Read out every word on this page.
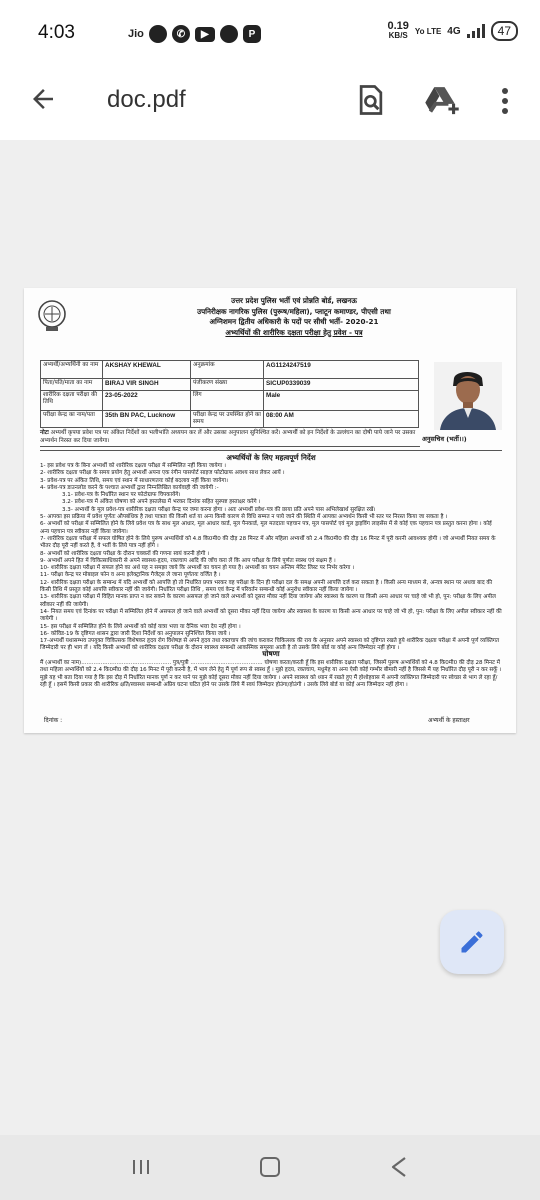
4:03	Jio	✆	▶	P
0.19
KB/S Yo LTE 4G	47
doc.pdf
उत्तर प्रदेश पुलिस भर्ती एवं प्रोन्नति बोर्ड, लखनऊ
उपनिरीक्षक नागरिक पुलिस (पुरूष/महिला), प्लाटून कमाण्डर, पीएसी तथा
अग्निशमन द्वितीय अधिकारी के पदों पर सीधी भर्ती- 2020-21
अभ्यर्थियों की शारीरिक दक्षता परीक्षा हेतु प्रवेश - पत्र
अभ्यर्थी/अभ्यर्थिनी का नाम	AKSHAY KHEWAL	अनुक्रमांक	AG1124247519
पिता/पति/माता का नाम	BIRAJ VIR SINGH	पंजीकरण संख्या	SICUP0339039
शारीरिक दक्षता परीक्षा की तिथि	23-05-2022	लिंग	Male
परीक्षा केन्द्र का नाम/पता	35th BN PAC, Lucknow	परीक्षा केन्द्र पर उपस्थित होने का समय	08:00 AM
अनुसचिव (भर्ती।।)
नोटः अभ्यर्थी कृपया प्रवेश पत्र पर अंकित निर्देशों का भलीभांति अध्ययन कर लें और उसका अनुपालन सुनिश्चित करें। अभ्यर्थी को इन निर्देशों के उल्लंघन का दोषी पाये जाने पर उसका अभ्यर्थन निरस्त कर दिया जायेगा।
अभ्यर्थियों के लिए महत्वपूर्ण निर्देश

1- इस प्रवेश पत्र के बिना अभ्यर्थी को शारीरिक दक्षता परीक्षा में सम्मिलित नहीं किया जायेगा ।

2- शारीरिक दक्षता परीक्षा के समय प्रयोग हेतु अभ्यर्थी अपना एक रंगीन पासपोर्ट साइज फोटोग्राफ अवश्य साथ लेकर आयें ।

3- प्रवेश-पत्र पर अंकित तिथि, समय एवं स्थान में साधारणतयः कोई बदलाव नहीं किया जायेगा।

4- प्रवेश-पत्र डाउनलोड करने के पश्चात अभ्यर्थी द्वारा निम्नलिखित कार्यवाही की जायेगी :-

3.1- प्रवेश-पत्र के निर्धारित स्थान पर फोटोग्राफ चिपकायेंगे।

3.2- प्रवेश-पत्र में अंकित घोषणा को अपने हस्तलेख में भरकर दिनांक सहित सुस्पष्ट हस्ताक्षर करेंगे ।

3.3- अभ्यर्थी के मूल प्रवेश-पत्र शारीरिक दक्षता परीक्षा केन्द्र पर जमा करना होगा । अतः अभ्यर्थी प्रवेश-पत्र की छाया प्रति अपने पास अभिलेखार्थ सुरक्षित रखें।

5- आपका इस प्रक्रिया में प्रवेश पूर्णतः औपबंधिक है तथा पात्रता की किसी शर्त या अन्य किसी कारण से विधि सम्मत न पाये जाने की स्थिति में आपका अभ्यर्थन किसी भी स्तर पर निरस्त किया जा सकता है ।

6- अभ्यर्थी को परीक्षा में सम्मिलित होने के लिये प्रवेश पत्र के साथ मूल आधार, मूल आधार कार्ड, मूल पैनकार्ड, मूल मतदाता पहचान पत्र, मूल पासपोर्ट एवं मूल ड्राइविंग लाइसेंस में से कोई एक पहचान पत्र प्रस्तुत करना होगा । कोई अन्य पहचान पत्र स्वीकार नहीं किया जायेगा।

7- शारीरिक दक्षता परीक्षा में सफल घोषित होने के लिये पुरूष अभ्यर्थियों को 4.8 कि0मी0 की दौड़ 28 मिनट में और महिला अभ्यर्थी को 2.4 कि0मी0 की दौड़ 16 मिनट में पूरी करनी आवश्यक होगी । जो अभ्यर्थी नियत समय के भीतर दौड़ पूरी नहीं करते हैं, वे भर्ती के लिये पात्र नहीं होंगे ।

8- अभ्यर्थी को शारीरिक दक्षता परीक्षा के दौरान चक्करों की गणना स्वयं करनी होगी ।

9- अभ्यर्थी अपने हित में चिकित्साधिकारी से अपने स्वास्थ्य-हृदय, रक्तचाप आदि की जाँच करा लें कि आप परीक्षा के लिये पूर्णतः स्वस्थ एवं सक्षम हैं ।

10- शारीरिक दक्षता परीक्षा में सफल होने का अर्थ यह न समझा जाये कि अभ्यर्थी का चयन हो गया है। अभ्यर्थी का चयन अन्तिम मेरिट लिस्ट पर निर्भर करेगा ।

11- परीक्षा केन्द्र पर मोबाइल फोन व अन्य इलेक्ट्रानिक गैजेट्स ले जाना पूर्णतयः वर्जित है ।

12- शारीरिक दक्षता परीक्षा के सम्बन्ध में यदि अभ्यर्थी को आपत्ति हो तो निर्धारित प्रपत्र भरकर वह परीक्षा के दिन ही परीक्षा दल के समक्ष अपनी आपत्ति दर्ज करा सकता है । किसी अन्य माध्यम से, अन्यत्र स्थान पर अथवा बाद की किसी तिथि में प्रस्तुत कोई आपत्ति स्वीकार नहीं की जायेगी। निर्धारित परीक्षा तिथि , समय एवं केन्द्र में परिवर्तन सम्बन्धी कोई अनुरोध स्वीकार नहीं किया जायेगा ।

13- शारीरिक दक्षता परीक्षा में विहित मानक प्राप्त न कर सकने के कारण असफल हो जाने वाले अभ्यर्थी को दूसरा मौका नहीं दिया जायेगा और स्वास्थ्य के कारण या किसी अन्य आधार पर चाहे जो भी हो, पुन: परीक्षा के लिए अपील स्वीकार नहीं की जायेगी।

14- नियत समय एवं दिनांक पर परीक्षा में सम्मिलित होने में असफल हो जाने वाले अभ्यर्थी को दूसरा मौका नहीं दिया जायेगा और स्वास्थ्य के कारण या किसी अन्य आधार पर चाहे जो भी हो, पुन: परीक्षा के लिए अपील स्वीकार नहीं की जायेगी ।

15- इस परीक्षा में सम्मिलित होने के लिये अभ्यर्थी को कोई यात्रा भत्ता या दैनिक भत्ता देय नहीं होगा ।

16- कोविड-19 के दृष्टिगत शासन द्वारा जारी दिशा निर्देशों का अनुपालन सुनिश्चित किया जाये ।

17-अभ्यर्थी यथासम्भव उपयुक्त चिकित्सक विशेषकर हृदय रोग विशेषज्ञ से अपने हृदय तथा रक्तचाप की जांच कराकर चिकित्सक की राय के अनुसार अपने स्वास्थ्य को दृष्टिगत रखते हुये शारीरिक दक्षता परीक्षा में अपनी पूर्ण व्यक्तिगत जिम्मेदारी पर ही भाग लें । यदि किसी अभ्यर्थी को शारीरिक दक्षता परीक्षा के दौरान स्वास्थ्य सम्बन्धी आकस्मिक समस्या आती है तो उसके लिये बोर्ड या कोई अन्य जिम्मेदार नहीं होगा ।

घोषणा
मैं (अभ्यर्थी का नाम)................................................... पुत्र/पुत्री ......................................... घोषणा करता/करती हूँ कि इस शारीरिक दक्षता परीक्षा, जिसमें पुरूष अभ्यर्थियों को 4.8 कि0मी0 की दौड़ 28 मिनट में तथा महिला अभ्यर्थियों को 2.4 कि0मी0 की दौड़ 16 मिनट में पूरी करनी है, में भाग लेने हेतु मैं पूर्ण रूप से स्वस्थ हूँ । मुझे हृदय, रक्तचाप, मधुमेह या अन्य ऐसी कोई गम्भीर बीमारी नहीं है जिससे मैं यह निर्धारित दौड़ पूरी न कर सकूँ । मुझे यह भी बता दिया गया है कि इस दौड़ में निर्धारित मानक पूर्ण न कर पाने पर मुझे कोई दूसरा मौका नहीं दिया जायेगा । अपने स्वास्थ्य को ध्यान में रखते हुए मैं होशोहवास में अपनी व्यक्तिगत जिम्मेदारी पर स्वेच्छा से भाग ले रहा हूँ/रही हूँ । इसमें किसी प्रकार की शारीरिक क्षति/स्वास्थ्य सम्बन्धी अप्रिय घटना घटित होने पर उसके लिये मैं स्वयं जिम्मेदार होउंगा/होउंगी । उसके लिये बोर्ड या कोई अन्य जिम्मेदार नहीं होगा ।
दिनांक :	अभ्यर्थी के हस्ताक्षर
